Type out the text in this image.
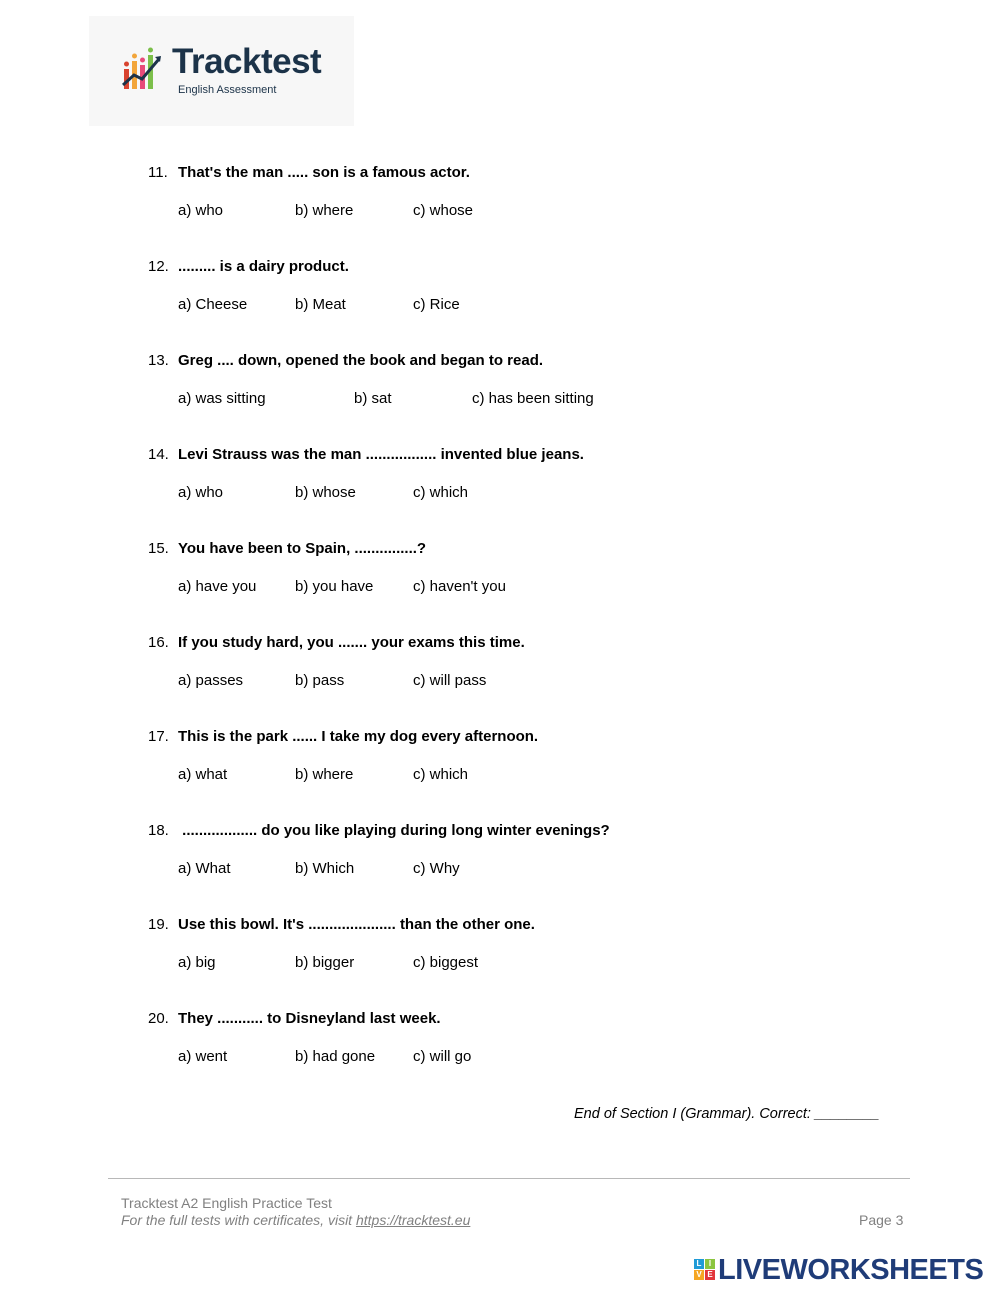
Tracktest
English Assessment
11. That's the man ..... son is a famous actor.
a) who	b) where	c) whose
12. ......... is a dairy product.
a) Cheese	b) Meat	c) Rice
13. Greg .... down, opened the book and began to read.
a) was sitting	b) sat	c) has been sitting
14. Levi Strauss was the man ................. invented blue jeans.
a) who	b) whose	c) which
15. You have been to Spain, ...............?
a) have you	b) you have	c) haven't you
16. If you study hard, you ....... your exams this time.
a) passes	b) pass	c) will pass
17. This is the park ...... I take my dog every afternoon.
a) what	b) where	c) which
18. .................. do you like playing during long winter evenings?
a) What	b) Which	c) Why
19. Use this bowl. It's ..................... than the other one.
a) big	b) bigger	c) biggest
20. They ........... to Disneyland last week.
a) went	b) had gone	c) will go
End of Section I (Grammar). Correct: ________
Tracktest A2 English Practice Test
For the full tests with certificates, visit https://tracktest.eu	Page 3
L I
V E LIVEWORKSHEETS
